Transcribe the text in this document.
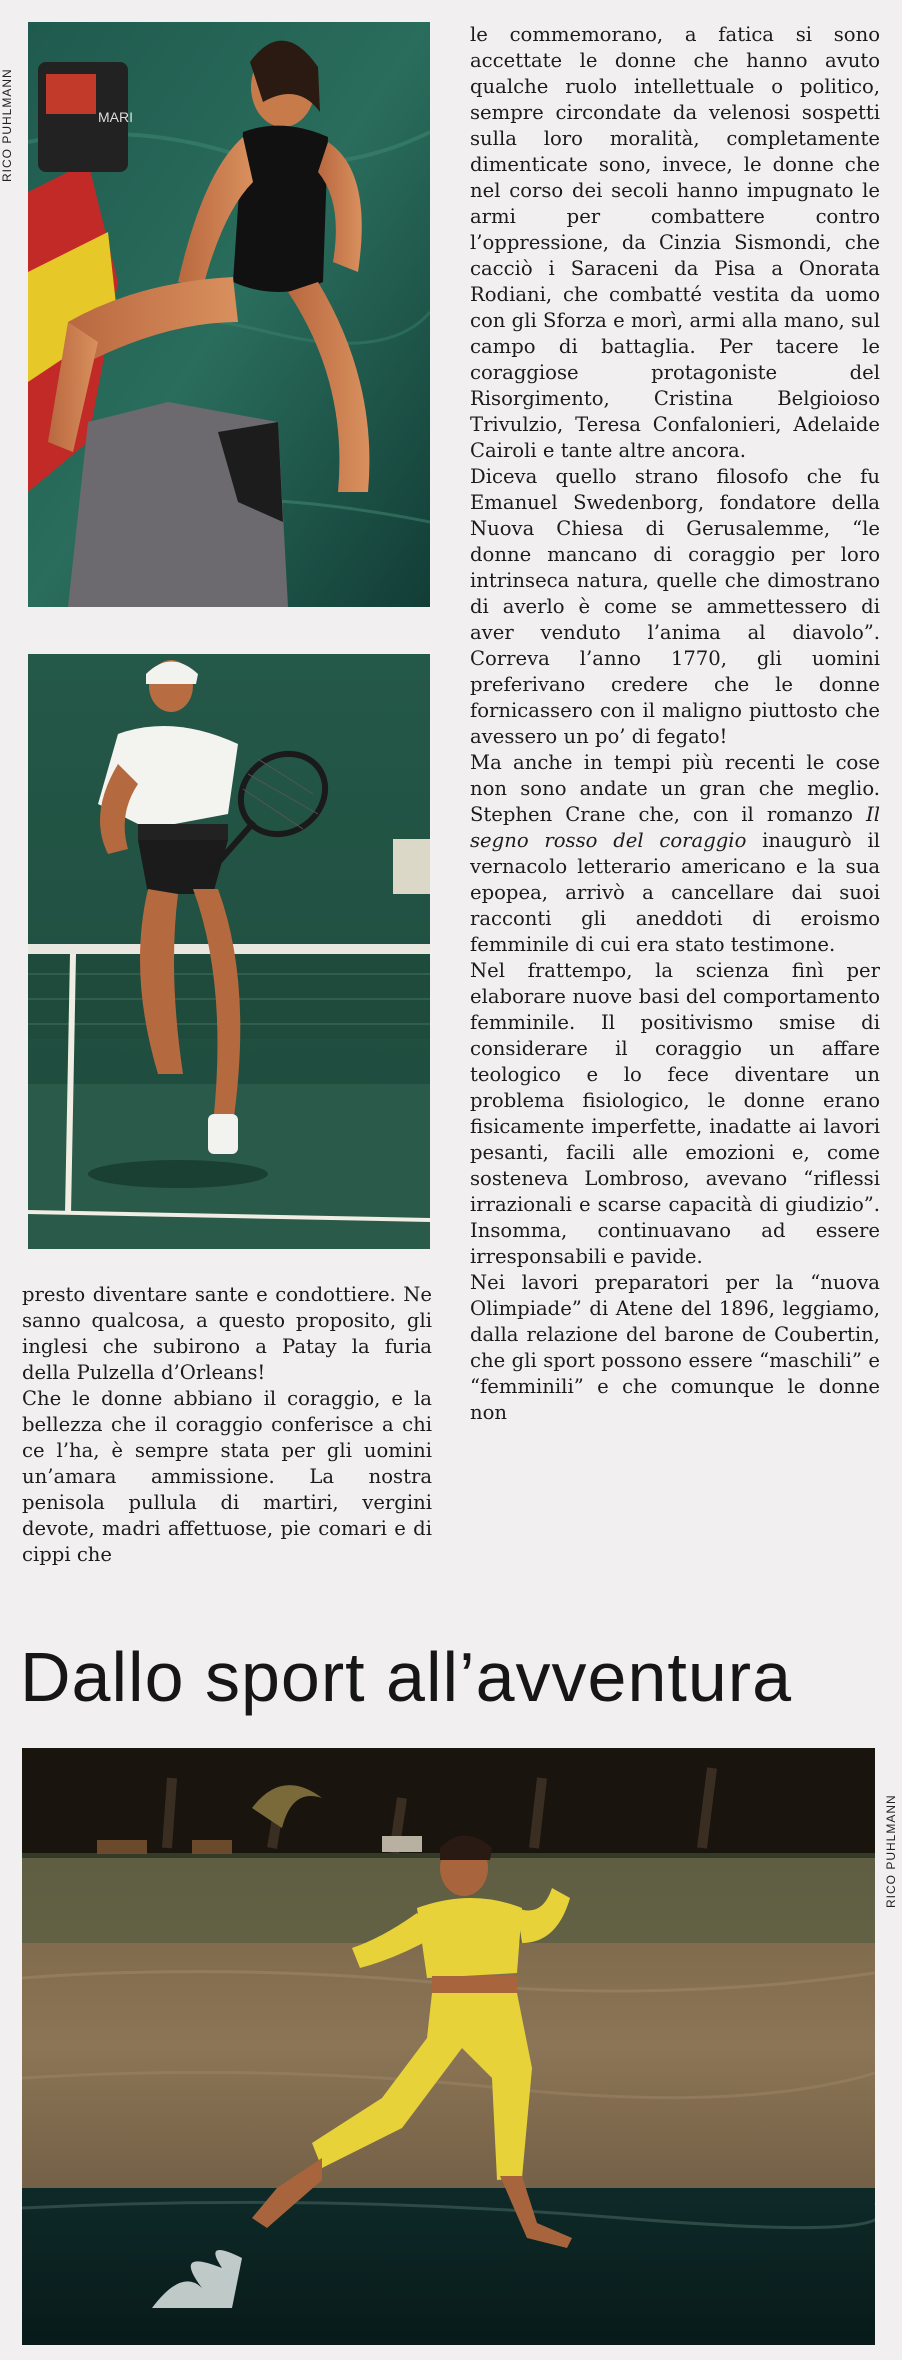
RICO PUHLMANN
RICO PUHLMANN
MARI

le commemorano, a fatica si sono accettate le donne che hanno avuto qualche ruolo intellettuale o politico, sempre circondate da velenosi sospetti sulla loro moralità, completamente dimenticate sono, invece, le donne che nel corso dei secoli hanno impugnato le armi per combattere contro l’oppressione, da Cinzia Sismondi, che cacciò i Saraceni da Pisa a Onorata Rodiani, che combatté vestita da uomo con gli Sforza e morì, armi alla mano, sul campo di battaglia. Per tacere le coraggiose protagoniste del Risorgimento, Cristina Belgioioso Trivulzio, Teresa Confalonieri, Adelaide Cairoli e tante altre ancora.

Diceva quello strano filosofo che fu Emanuel Swedenborg, fondatore della Nuova Chiesa di Gerusalemme, “le donne mancano di coraggio per loro intrinseca natura, quelle che dimostrano di averlo è come se ammettessero di aver venduto l’anima al diavolo”. Correva l’anno 1770, gli uomini preferivano credere che le donne fornicassero con il maligno piuttosto che avessero un po’ di fegato!

Ma anche in tempi più recenti le cose non sono andate un gran che meglio. Stephen Crane che, con il romanzo Il segno rosso del coraggio inaugurò il vernacolo letterario americano e la sua epopea, arrivò a cancellare dai suoi racconti gli aneddoti di eroismo femminile di cui era stato testimone.

Nel frattempo, la scienza finì per elaborare nuove basi del comportamento femminile. Il positivismo smise di considerare il coraggio un affare teologico e lo fece diventare un problema fisiologico, le donne erano fisicamente imperfette, inadatte ai lavori pesanti, facili alle emozioni e, come sosteneva Lombroso, avevano “riflessi irrazionali e scarse capacità di giudizio”. Insomma, continuavano ad essere irresponsabili e pavide.

Nei lavori preparatori per la “nuova Olimpiade” di Atene del 1896, leggiamo, dalla relazione del barone de Coubertin, che gli sport possono essere “maschili” e “femminili” e che comunque le donne non

presto diventare sante e condottiere. Ne sanno qualcosa, a questo proposito, gli inglesi che subirono a Patay la furia della Pulzella d’Orleans!

Che le donne abbiano il coraggio, e la bellezza che il coraggio conferisce a chi ce l’ha, è sempre stata per gli uomini un’amara ammissione. La nostra penisola pullula di martiri, vergini devote, madri affettuose, pie comari e di cippi che

Dallo sport all’avventura
